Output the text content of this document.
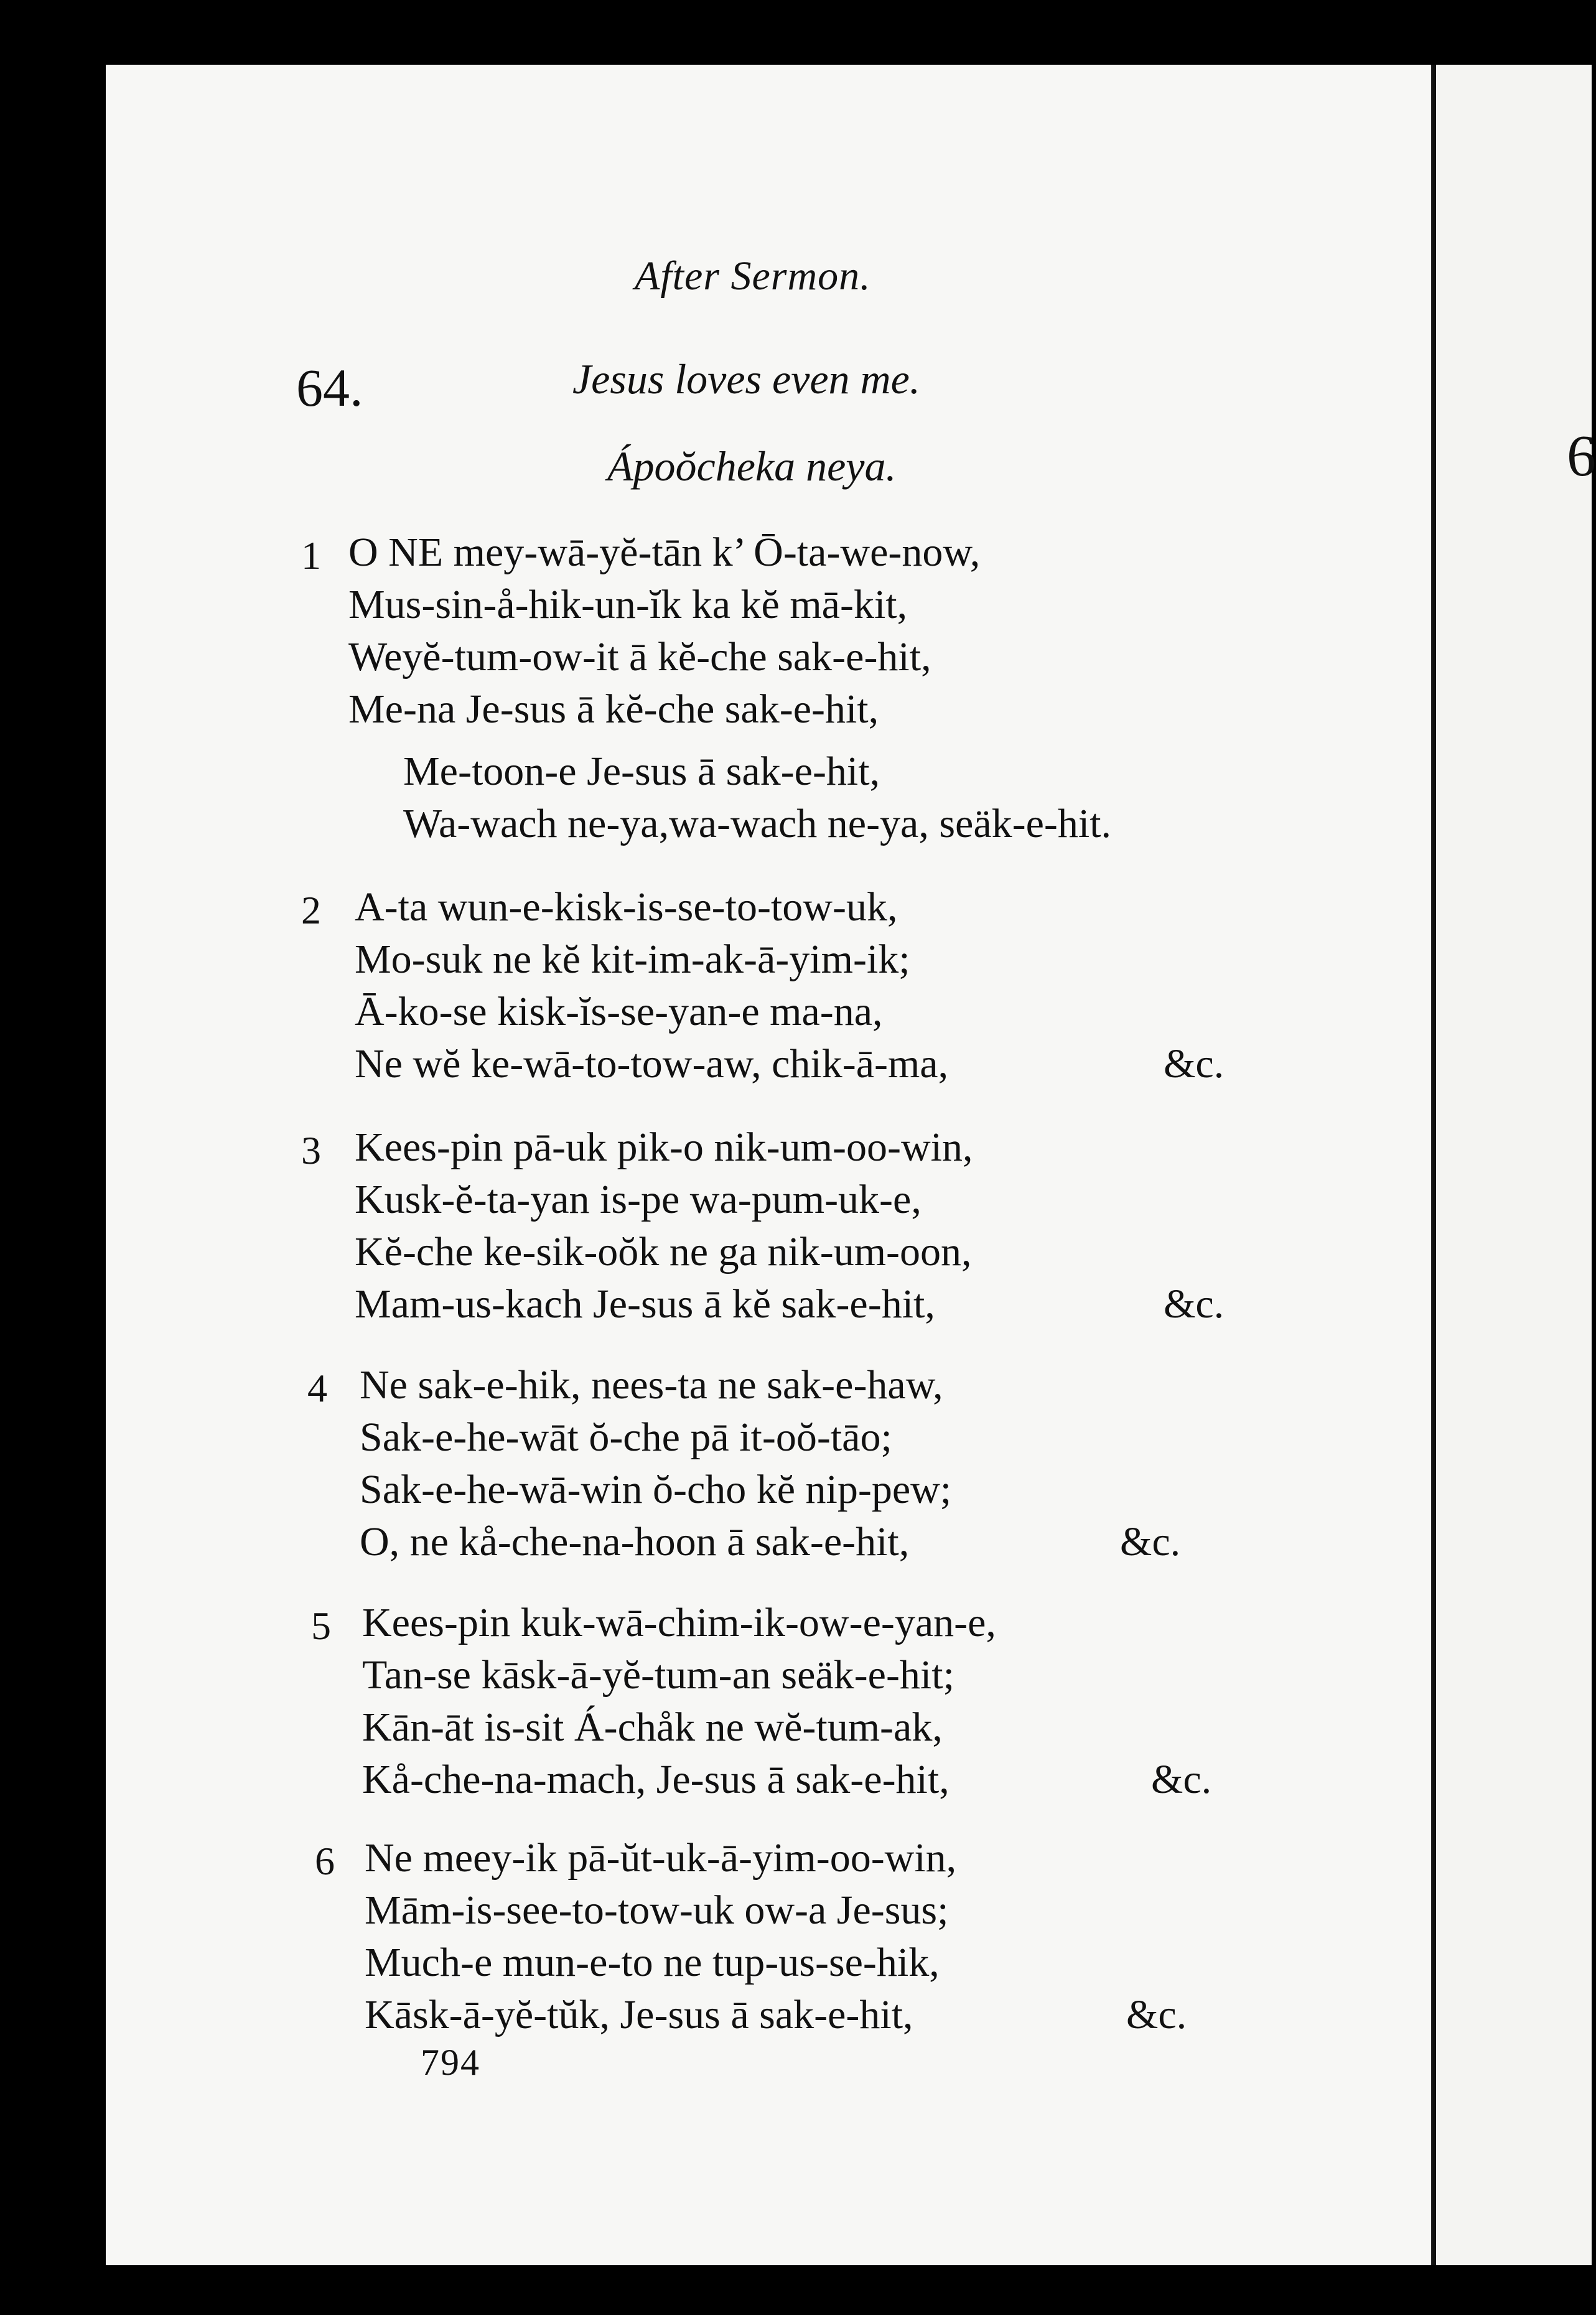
6
After Sermon.
64.	Jesus loves even me.
Ápoŏcheka neya.
1 O NE mey-wā-yĕ-tān k’ Ō-ta-we-now,
Mus-sin-å-hik-un-ĭk ka kĕ mā-kit,
Weyĕ-tum-ow-it ā kĕ-che sak-e-hit,
Me-na Je-sus ā kĕ-che sak-e-hit,
Me-toon-e Je-sus ā sak-e-hit,
Wa-wach ne-ya,wa-wach ne-ya, seäk-e-hit.
2 A-ta wun-e-kisk-is-se-to-tow-uk,
Mo-suk ne kĕ kit-im-ak-ā-yim-ik;
Ā-ko-se kisk-ĭs-se-yan-e ma-na,
Ne wĕ ke-wā-to-tow-aw, chik-ā-ma,	&c.
3 Kees-pin pā-uk pik-o nik-um-oo-win,
Kusk-ĕ-ta-yan is-pe wa-pum-uk-e,
Kĕ-che ke-sik-oŏk ne ga nik-um-oon,
Mam-us-kach Je-sus ā kĕ sak-e-hit,	&c.
4 Ne sak-e-hik, nees-ta ne sak-e-haw,
Sak-e-he-wāt ŏ-che pā it-oŏ-tāo;
Sak-e-he-wā-win ŏ-cho kĕ nip-pew;
O, ne kå-che-na-hoon ā sak-e-hit,	&c.
5 Kees-pin kuk-wā-chim-ik-ow-e-yan-e,
Tan-se kāsk-ā-yĕ-tum-an seäk-e-hit;
Kān-āt is-sit Á-chåk ne wĕ-tum-ak,
Kå-che-na-mach, Je-sus ā sak-e-hit,	&c.
6 Ne meey-ik pā-ŭt-uk-ā-yim-oo-win,
Mām-is-see-to-tow-uk ow-a Je-sus;
Much-e mun-e-to ne tup-us-se-hik,
Kāsk-ā-yĕ-tŭk, Je-sus ā sak-e-hit,	&c.
794
